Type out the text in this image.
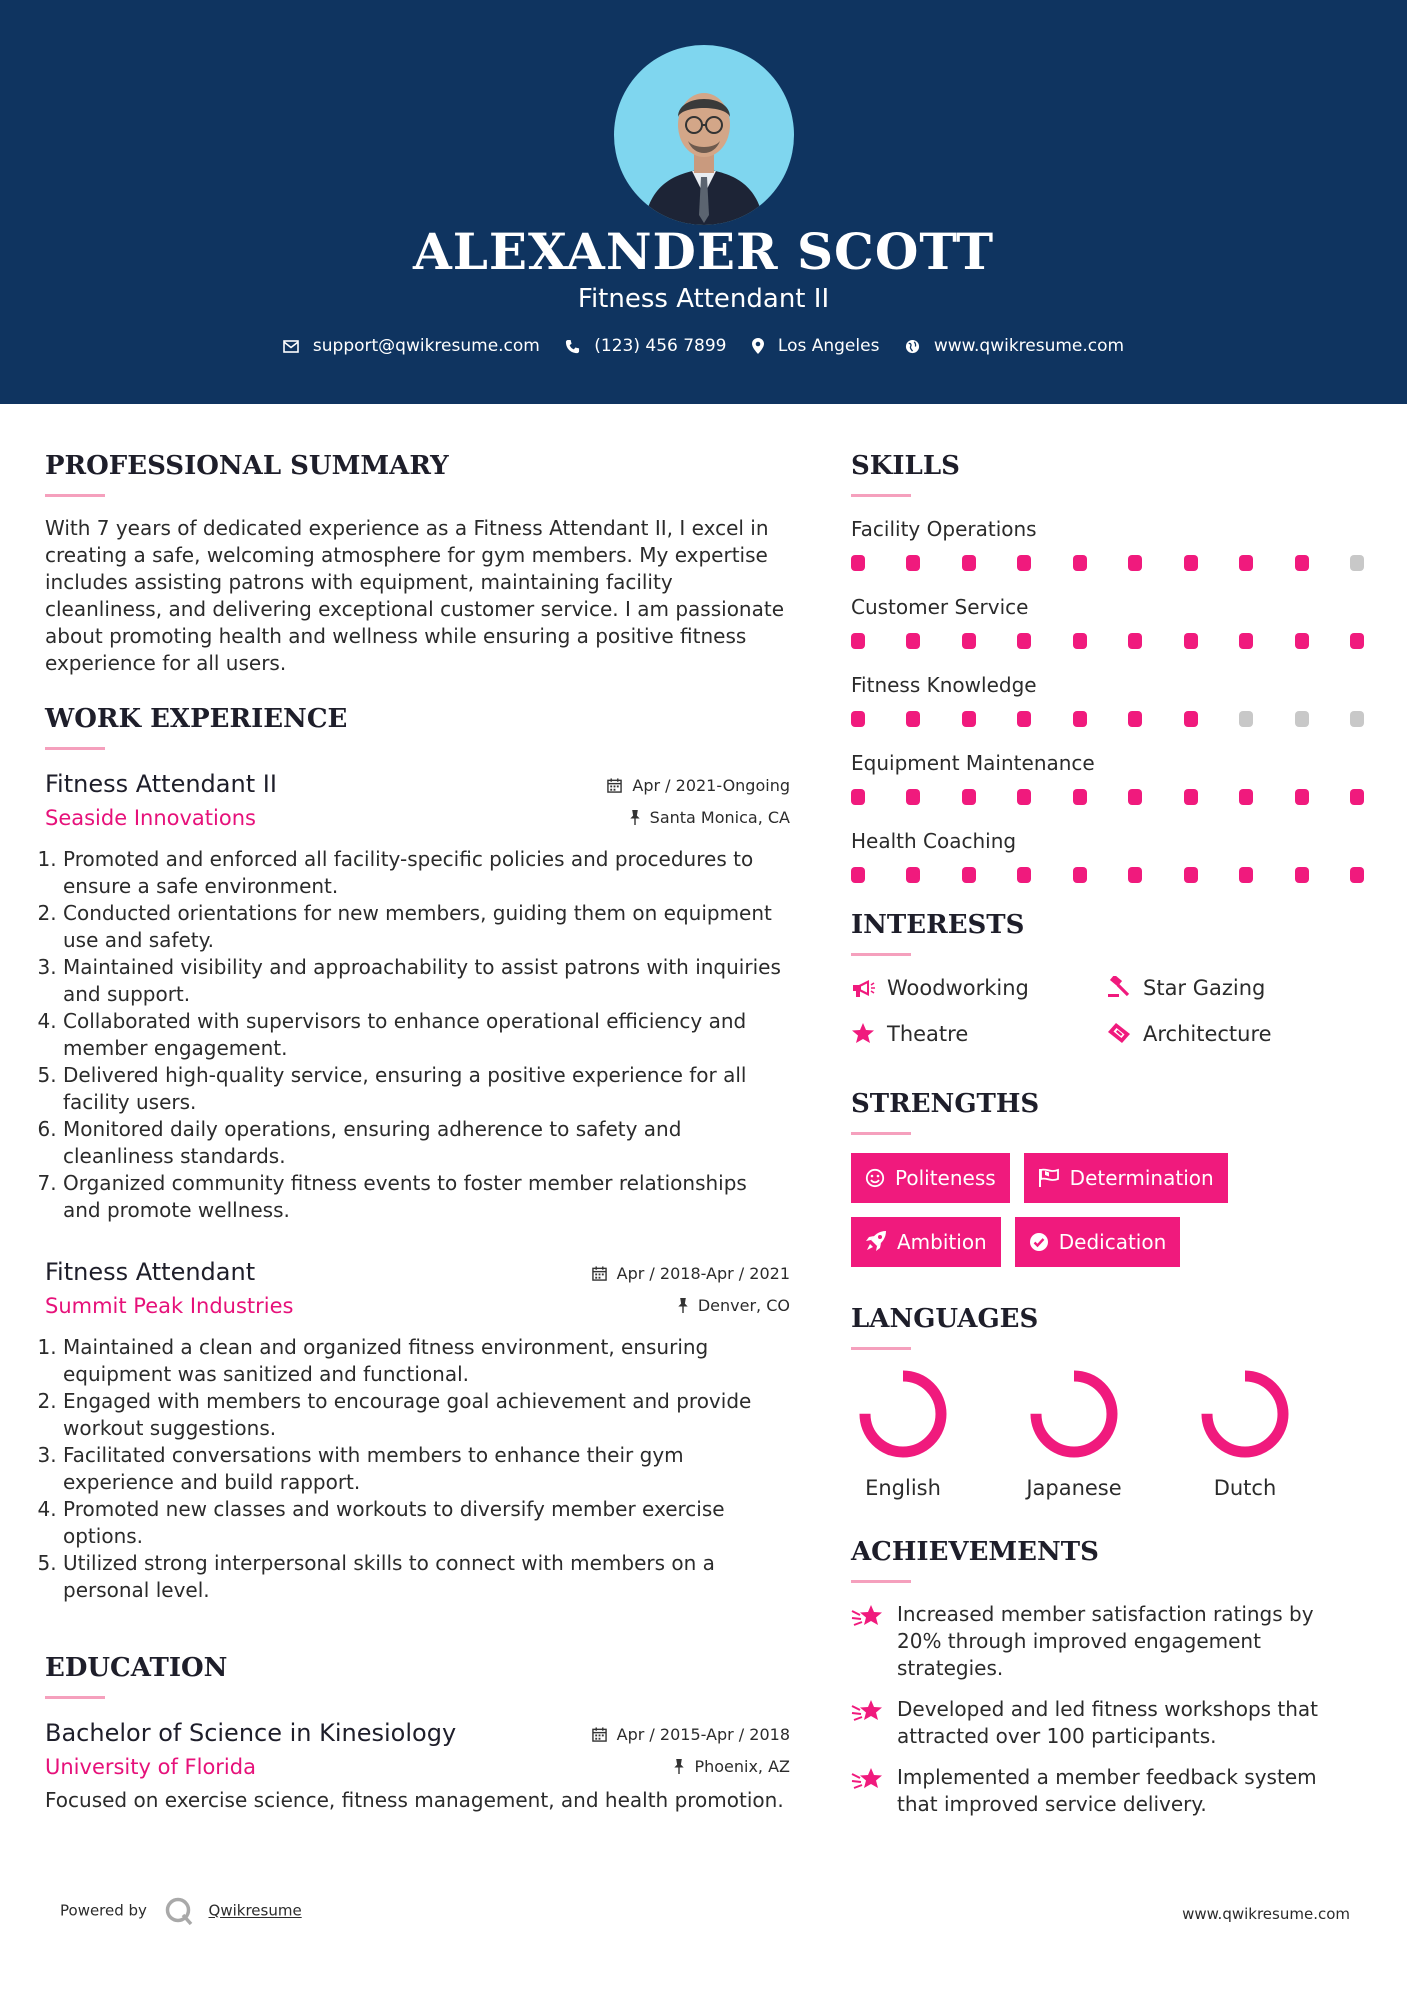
ALEXANDER SCOTT
Fitness Attendant II
support@qwikresume.com	(123) 456 7899	Los Angeles	www.qwikresume.com
PROFESSIONAL SUMMARY
With 7 years of dedicated experience as a Fitness Attendant II, I excel in creating a safe, welcoming atmosphere for gym members. My expertise includes assisting patrons with equipment, maintaining facility cleanliness, and delivering exceptional customer service. I am passionate about promoting health and wellness while ensuring a positive fitness experience for all users.
WORK EXPERIENCE
Fitness Attendant II
Seaside Innovations
Apr / 2021-Ongoing
Santa Monica, CA
1. Promoted and enforced all facility-specific policies and procedures to ensure a safe environment.
2. Conducted orientations for new members, guiding them on equipment use and safety.
3. Maintained visibility and approachability to assist patrons with inquiries and support.
4. Collaborated with supervisors to enhance operational efficiency and member engagement.
5. Delivered high-quality service, ensuring a positive experience for all facility users.
6. Monitored daily operations, ensuring adherence to safety and cleanliness standards.
7. Organized community fitness events to foster member relationships and promote wellness.
Fitness Attendant
Summit Peak Industries
Apr / 2018-Apr / 2021
Denver, CO
1. Maintained a clean and organized fitness environment, ensuring equipment was sanitized and functional.
2. Engaged with members to encourage goal achievement and provide workout suggestions.
3. Facilitated conversations with members to enhance their gym experience and build rapport.
4. Promoted new classes and workouts to diversify member exercise options.
5. Utilized strong interpersonal skills to connect with members on a personal level.
EDUCATION
Bachelor of Science in Kinesiology
University of Florida
Apr / 2015-Apr / 2018
Phoenix, AZ
Focused on exercise science, fitness management, and health promotion.
SKILLS
Facility Operations
Customer Service
Fitness Knowledge
Equipment Maintenance
Health Coaching
INTERESTS
Woodworking	Star Gazing
Theatre	Architecture
STRENGTHS
Politeness	Determination
Ambition	Dedication
LANGUAGES
English	Japanese	Dutch
ACHIEVEMENTS
Increased member satisfaction ratings by 20% through improved engagement strategies.
Developed and led fitness workshops that attracted over 100 participants.
Implemented a member feedback system that improved service delivery.
Powered by	Qwikresume	www.qwikresume.com
